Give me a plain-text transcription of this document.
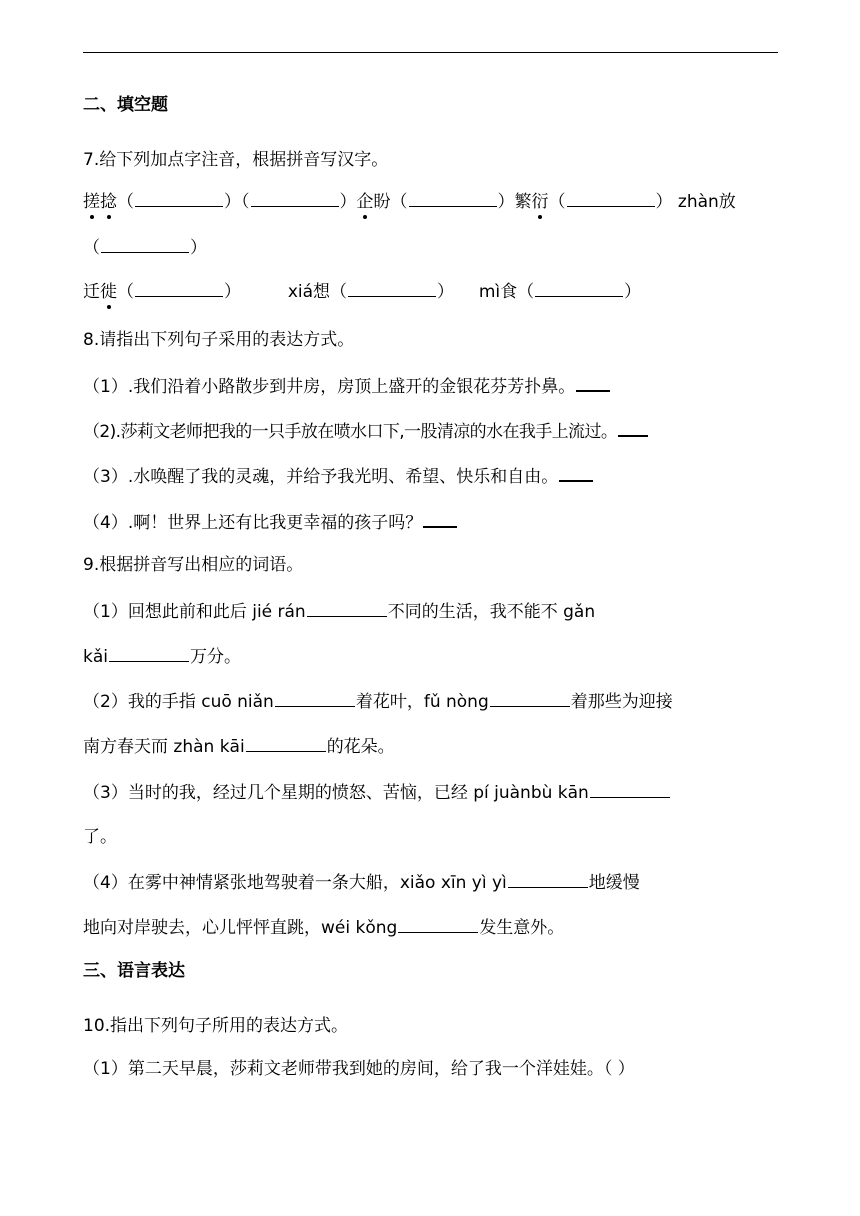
二、填空题
7.给下列加点字注音，根据拼音写汉字。
搓捻（	）（	）企盼（	）繁衍（	） zhàn放
（	）
迁徙（	）	xiá想（	） mì食（	）
8.请指出下列句子采用的表达方式。
（1）.我们沿着小路散步到井房，房顶上盛开的金银花芬芳扑鼻。
（2).莎莉文老师把我的一只手放在喷水口下,一股清凉的水在我手上流过。
（3）.水唤醒了我的灵魂，并给予我光明、希望、快乐和自由。
（4）.啊！世界上还有比我更幸福的孩子吗？
9.根据拼音写出相应的词语。
（1）回想此前和此后 jié rán	不同的生活，我不能不 gǎn
kǎi	万分。
（2）我的手指 cuō niǎn	着花叶，fǔ nòng	着那些为迎接
南方春天而 zhàn kāi	的花朵。
（3）当时的我，经过几个星期的愤怒、苦恼，已经 pí juànbù kān
了。
（4）在雾中神情紧张地驾驶着一条大船，xiǎo xīn yì yì	地缓慢
地向对岸驶去，心儿怦怦直跳，wéi kǒng	发生意外。
三、语言表达
10.指出下列句子所用的表达方式。
（1）第二天早晨，莎莉文老师带我到她的房间，给了我一个洋娃娃。（ ）
